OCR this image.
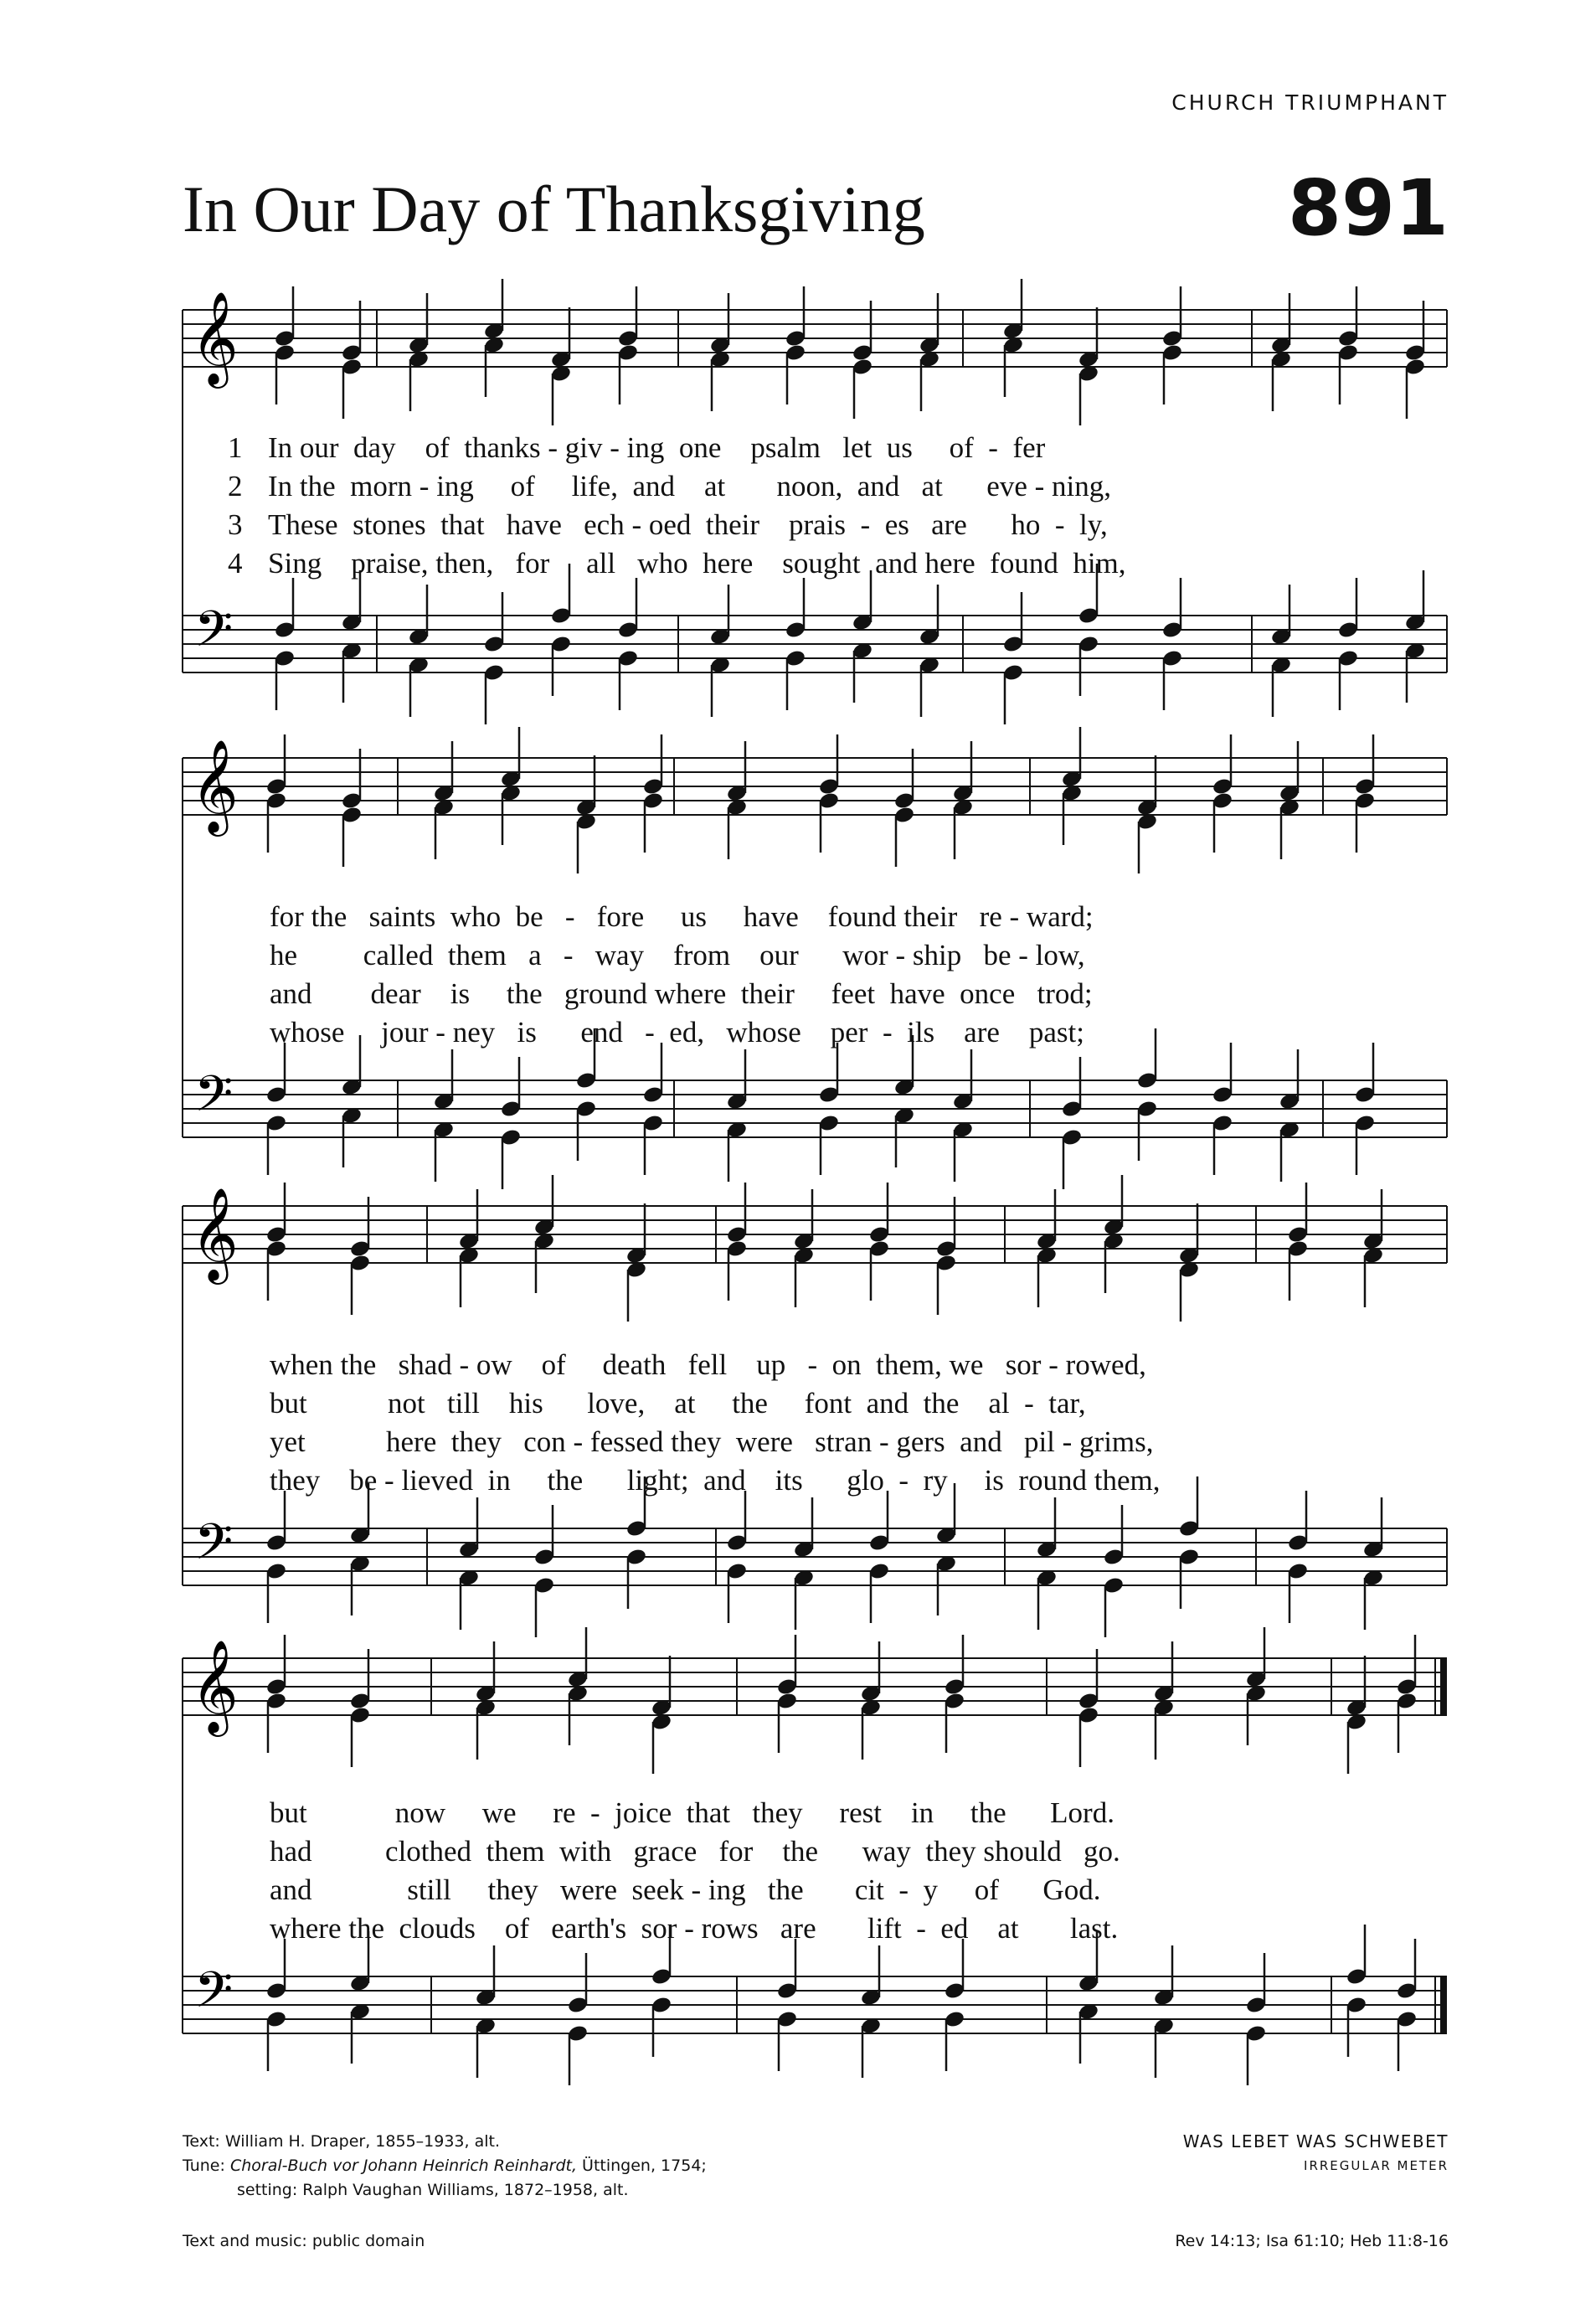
CHURCH TRIUMPHANT
In Our Day of Thanksgiving	891
𝄞
𝄢
𝄞
𝄢
𝄞
𝄢
𝄞
𝄢
1 In our  day    of  thanks - giv - ing  one    psalm   let  us     of  -  fer
2 In the  morn - ing     of     life,  and    at       noon,  and   at      eve - ning,
3 These  stones  that   have   ech - oed  their    prais  -  es   are      ho  -  ly,
4 Sing    praise, then,   for     all   who  here    sought  and here  found  him,
for the   saints  who  be   -   fore     us     have    found their   re - ward;
he         called  them   a   -   way    from    our      wor - ship   be - low,
and        dear    is     the   ground where  their     feet  have  once   trod;
whose     jour - ney   is      end   -  ed,   whose    per  -  ils    are    past;
when the   shad - ow    of     death   fell    up   -  on  them, we   sor - rowed,
but           not   till    his      love,    at     the     font  and  the    al  -  tar,
yet           here  they   con - fessed they  were   stran - gers  and   pil - grims,
they    be - lieved  in     the      light;  and    its      glo  -  ry     is  round them,
but            now     we     re  -  joice  that   they     rest    in     the      Lord.
had          clothed  them  with   grace   for    the      way  they should   go.
and             still     they   were  seek - ing   the       cit  -  y     of      God.
where the  clouds    of   earth's  sor - rows   are       lift  -  ed    at       last.
Text: William H. Draper, 1855–1933, alt.
Tune: Choral-Buch vor Johann Heinrich Reinhardt, Üttingen, 1754;
setting: Ralph Vaughan Williams, 1872–1958, alt.
WAS LEBET WAS SCHWEBET
IRREGULAR METER
Text and music: public domain	Rev 14:13; Isa 61:10; Heb 11:8-16
